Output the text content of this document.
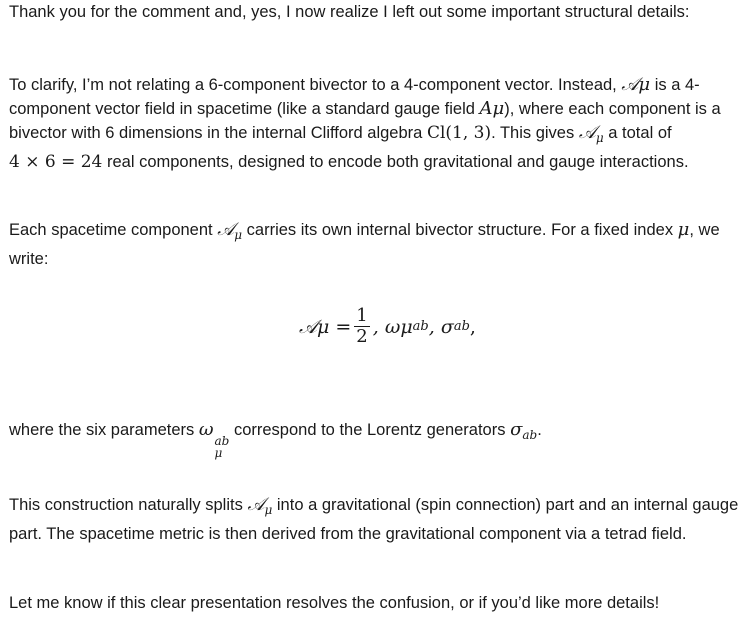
Thank you for the comment and, yes, I now realize I left out some important structural details:

To clarify, I’m not relating a 6-component bivector to a 4-component vector. Instead, 𝒜μ is a 4-component vector field in spacetime (like a standard gauge field Aμ), where each component is a bivector with 6 dimensions in the internal Clifford algebra Cl(1, 3). This gives 𝒜$_\mu$ a total of
4 × 6 = 24 real components, designed to encode both gravitational and gauge interactions.

Each spacetime component 𝒜$_\mu$ carries its own internal bivector structure. For a fixed index μ, we write:

𝒜μ = $\frac{1}{2}$ , ωμ ab , σ ab ,

where the six parameters ω
ab
μ
correspond to the Lorentz generators $\sigma_{ab}$.

This construction naturally splits 𝒜$_\mu$ into a gravitational (spin connection) part and an internal gauge part. The spacetime metric is then derived from the gravitational component via a tetrad field.

Let me know if this clear presentation resolves the confusion, or if you’d like more details!
